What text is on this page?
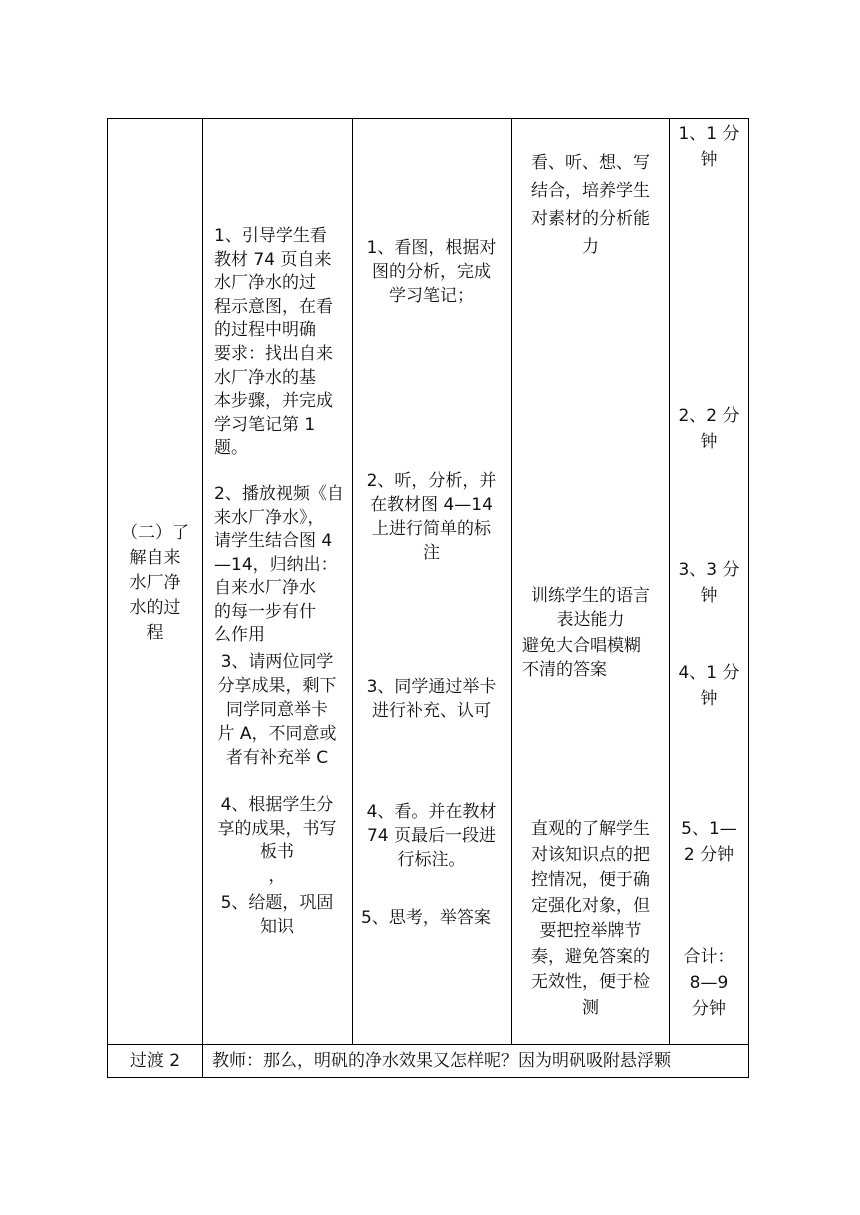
（二）了
解自来
水厂净
水的过
程
1、引导学生看
教材 74 页自来
水厂净水的过
程示意图，在看
的过程中明确
要求：找出自来
水厂净水的基
本步骤，并完成
学习笔记第 1
题。
2、播放视频《自
来水厂净水》，
请学生结合图 4
—14，归纳出：
自来水厂净水
的每一步有什
么作用
3、请两位同学
分享成果，剩下
同学同意举卡
片 A，不同意或
者有补充举 C
4、根据学生分
享的成果，书写
板书
，
5、给题，巩固
知识
1、看图，根据对
图的分析，完成
学习笔记；
2、听，分析，并
在教材图 4—14
上进行简单的标
注
3、同学通过举卡
进行补充、认可
4、看。并在教材
74 页最后一段进
行标注。
5、思考，举答案
看、听、想、写
结合，培养学生
对素材的分析能
力
训练学生的语言
表达能力
避免大合唱模糊
不清的答案
直观的了解学生
对该知识点的把
控情况，便于确
定强化对象，但
要把控举牌节
奏，避免答案的
无效性，便于检
测
1、1 分
钟
2、2 分
钟
3、3 分
钟
4、1 分
钟
5、1—
2 分钟
合计：
8—9
分钟
过渡 2	教师：那么，明矾的净水效果又怎样呢？因为明矾吸附悬浮颗
